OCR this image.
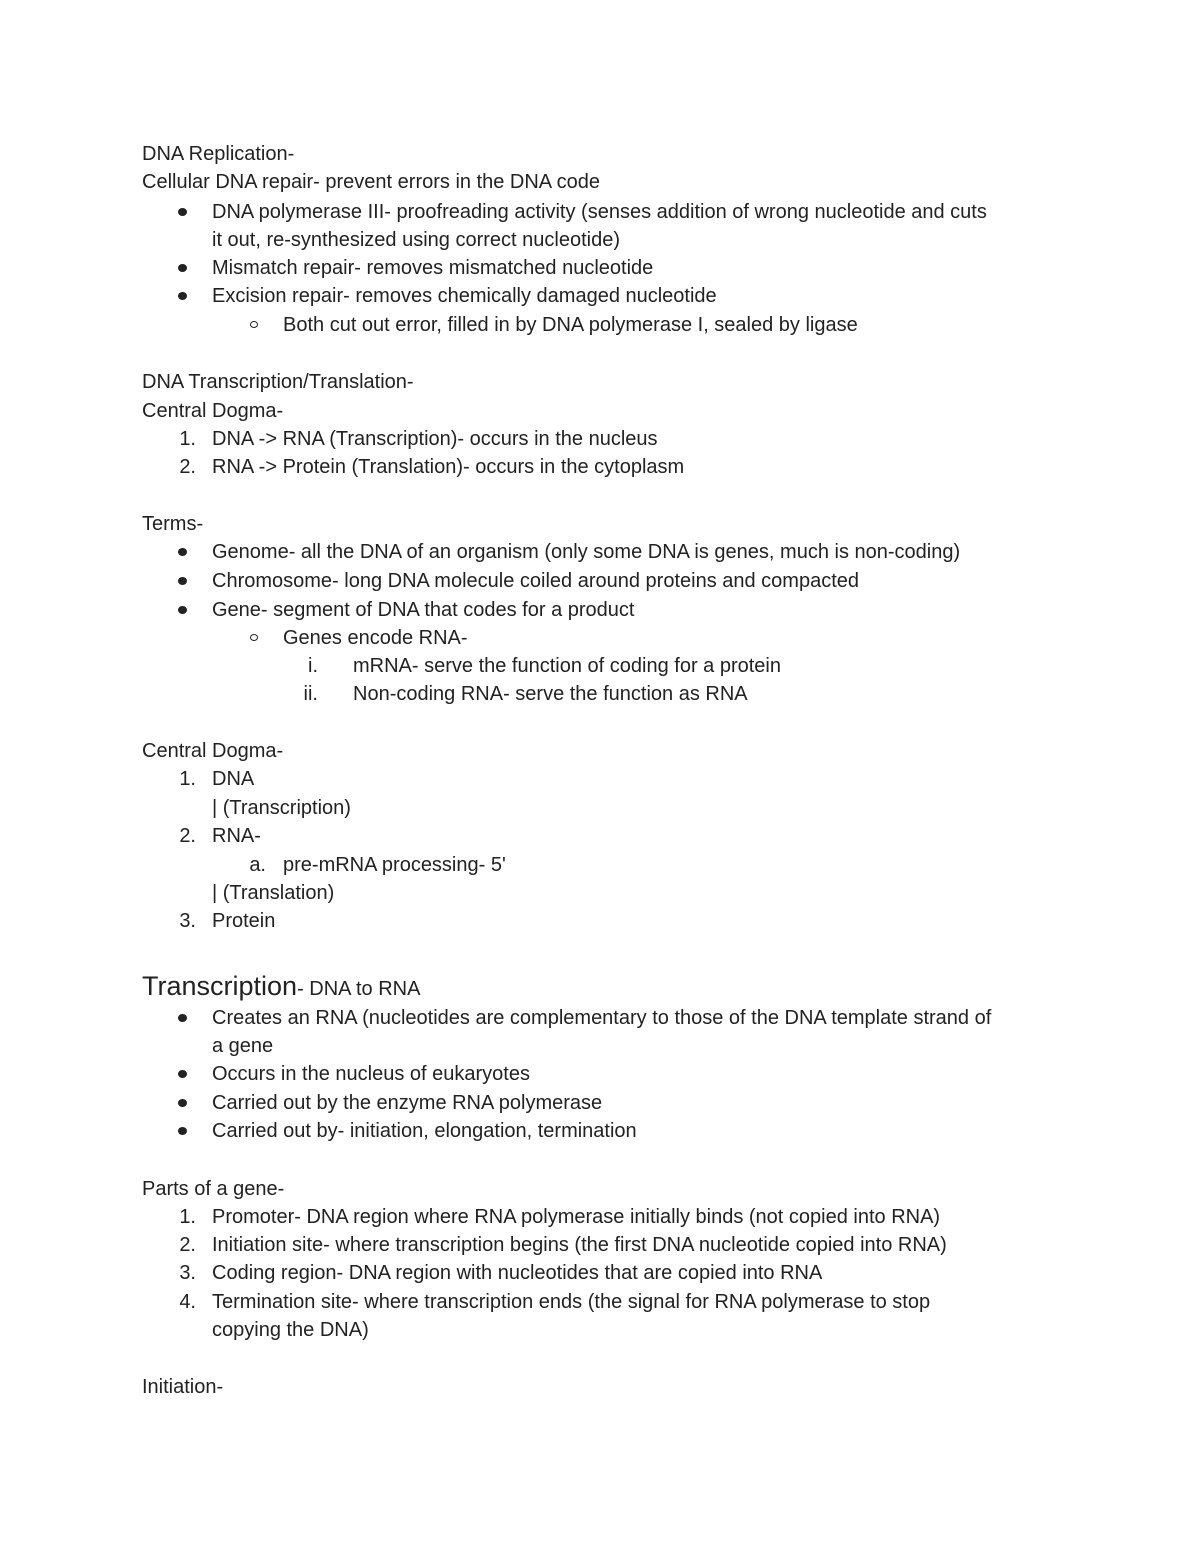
DNA Replication-
Cellular DNA repair- prevent errors in the DNA code
DNA polymerase III- proofreading activity (senses addition of wrong nucleotide and cuts
it out, re-synthesized using correct nucleotide)
Mismatch repair- removes mismatched nucleotide
Excision repair- removes chemically damaged nucleotide
Both cut out error, filled in by DNA polymerase I, sealed by ligase
DNA Transcription/Translation-
Central Dogma-
1. DNA -> RNA (Transcription)- occurs in the nucleus
2. RNA -> Protein (Translation)- occurs in the cytoplasm
Terms-
Genome- all the DNA of an organism (only some DNA is genes, much is non-coding)
Chromosome- long DNA molecule coiled around proteins and compacted
Gene- segment of DNA that codes for a product
Genes encode RNA-
i. mRNA- serve the function of coding for a protein
ii. Non-coding RNA- serve the function as RNA
Central Dogma-
1. DNA
| (Transcription)
2. RNA-
a. pre-mRNA processing- 5'
| (Translation)
3. Protein
Transcription- DNA to RNA
Creates an RNA (nucleotides are complementary to those of the DNA template strand of
a gene
Occurs in the nucleus of eukaryotes
Carried out by the enzyme RNA polymerase
Carried out by- initiation, elongation, termination
Parts of a gene-
1. Promoter- DNA region where RNA polymerase initially binds (not copied into RNA)
2. Initiation site- where transcription begins (the first DNA nucleotide copied into RNA)
3. Coding region- DNA region with nucleotides that are copied into RNA
4. Termination site- where transcription ends (the signal for RNA polymerase to stop
copying the DNA)
Initiation-
